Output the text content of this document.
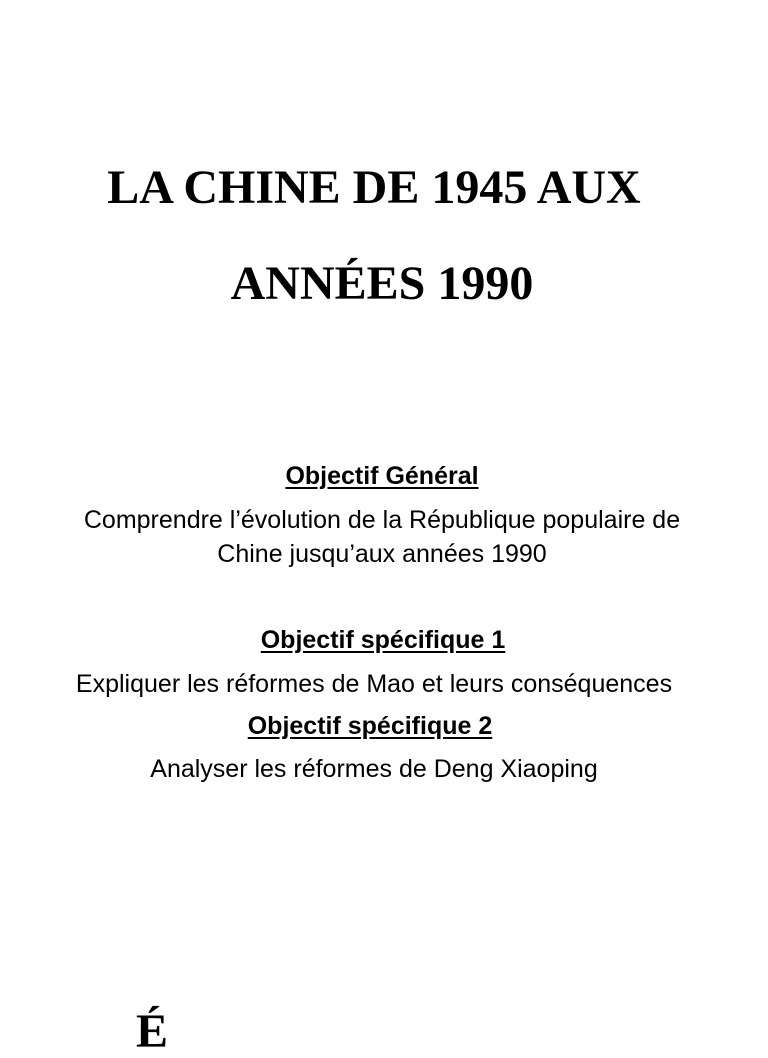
LA CHINE DE 1945 AUX
ANNÉES 1990
Objectif Général

Comprendre l’évolution de la République populaire de

Chine jusqu’aux années 1990

Objectif spécifique 1

Expliquer les réformes de Mao et leurs conséquences

Objectif spécifique 2

Analyser les réformes de Deng Xiaoping

É
